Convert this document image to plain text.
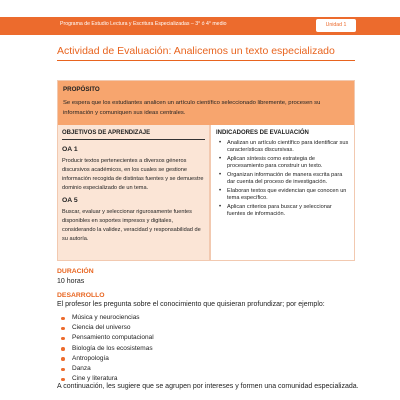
Programa de Estudio Lectura y Escritura Especializadas – 3° ó 4° medio	Unidad 1
Actividad de Evaluación: Analicemos un texto especializado
PROPÓSITO
Se espera que los estudiantes analicen un artículo científico seleccionado libremente, procesen su información y comuniquen sus ideas centrales.
OBJETIVOS DE APRENDIZAJE
OA 1
Producir textos pertenecientes a diversos géneros discursivos académicos, en los cuales se gestione información recogida de distintas fuentes y se demuestre dominio especializado de un tema.
OA 5
Buscar, evaluar y seleccionar rigurosamente fuentes disponibles en soportes impresos y digitales, considerando la validez, veracidad y responsabilidad de su autoría.
INDICADORES DE EVALUACIÓN
• Analizan un artículo científico para identificar sus características discursivas.
• Aplican síntesis como estrategia de procesamiento para construir un texto.
• Organizan información de manera escrita para dar cuenta del proceso de investigación.
• Elaboran textos que evidencian que conocen un tema específico.
• Aplican criterios para buscar y seleccionar fuentes de información.
DURACIÓN
10 horas
DESARROLLO
El profesor les pregunta sobre el conocimiento que quisieran profundizar; por ejemplo:
Música y neurociencias
Ciencia del universo
Pensamiento computacional
Biología de los ecosistemas
Antropología
Danza
Cine y literatura
A continuación, les sugiere que se agrupen por intereses y formen una comunidad especializada.
